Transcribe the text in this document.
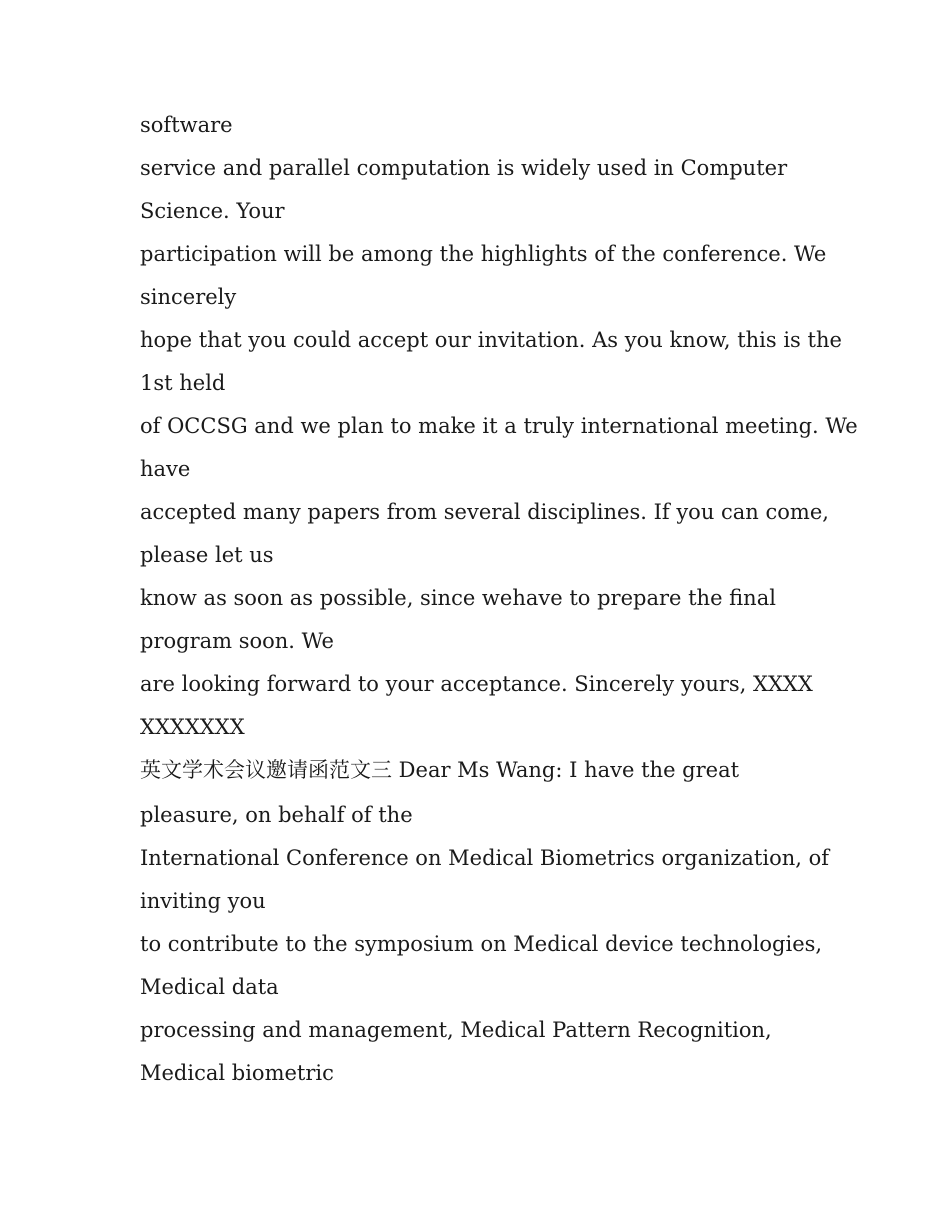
software
service and parallel computation is widely used in Computer
Science. Your
participation will be among the highlights of the conference. We
sincerely
hope that you could accept our invitation. As you know, this is the
1st held
of OCCSG and we plan to make it a truly international meeting. We
have
accepted many papers from several disciplines. If you can come,
please let us
know as soon as possible, since wehave to prepare the final
program soon. We
are looking forward to your acceptance. Sincerely yours, XXXX
XXXXXXX
英文学术会议邀请函范文三 Dear Ms Wang: I have the great
pleasure, on behalf of the
International Conference on Medical Biometrics organization, of
inviting you
to contribute to the symposium on Medical device technologies,
Medical data
processing and management, Medical Pattern Recognition,
Medical biometric
